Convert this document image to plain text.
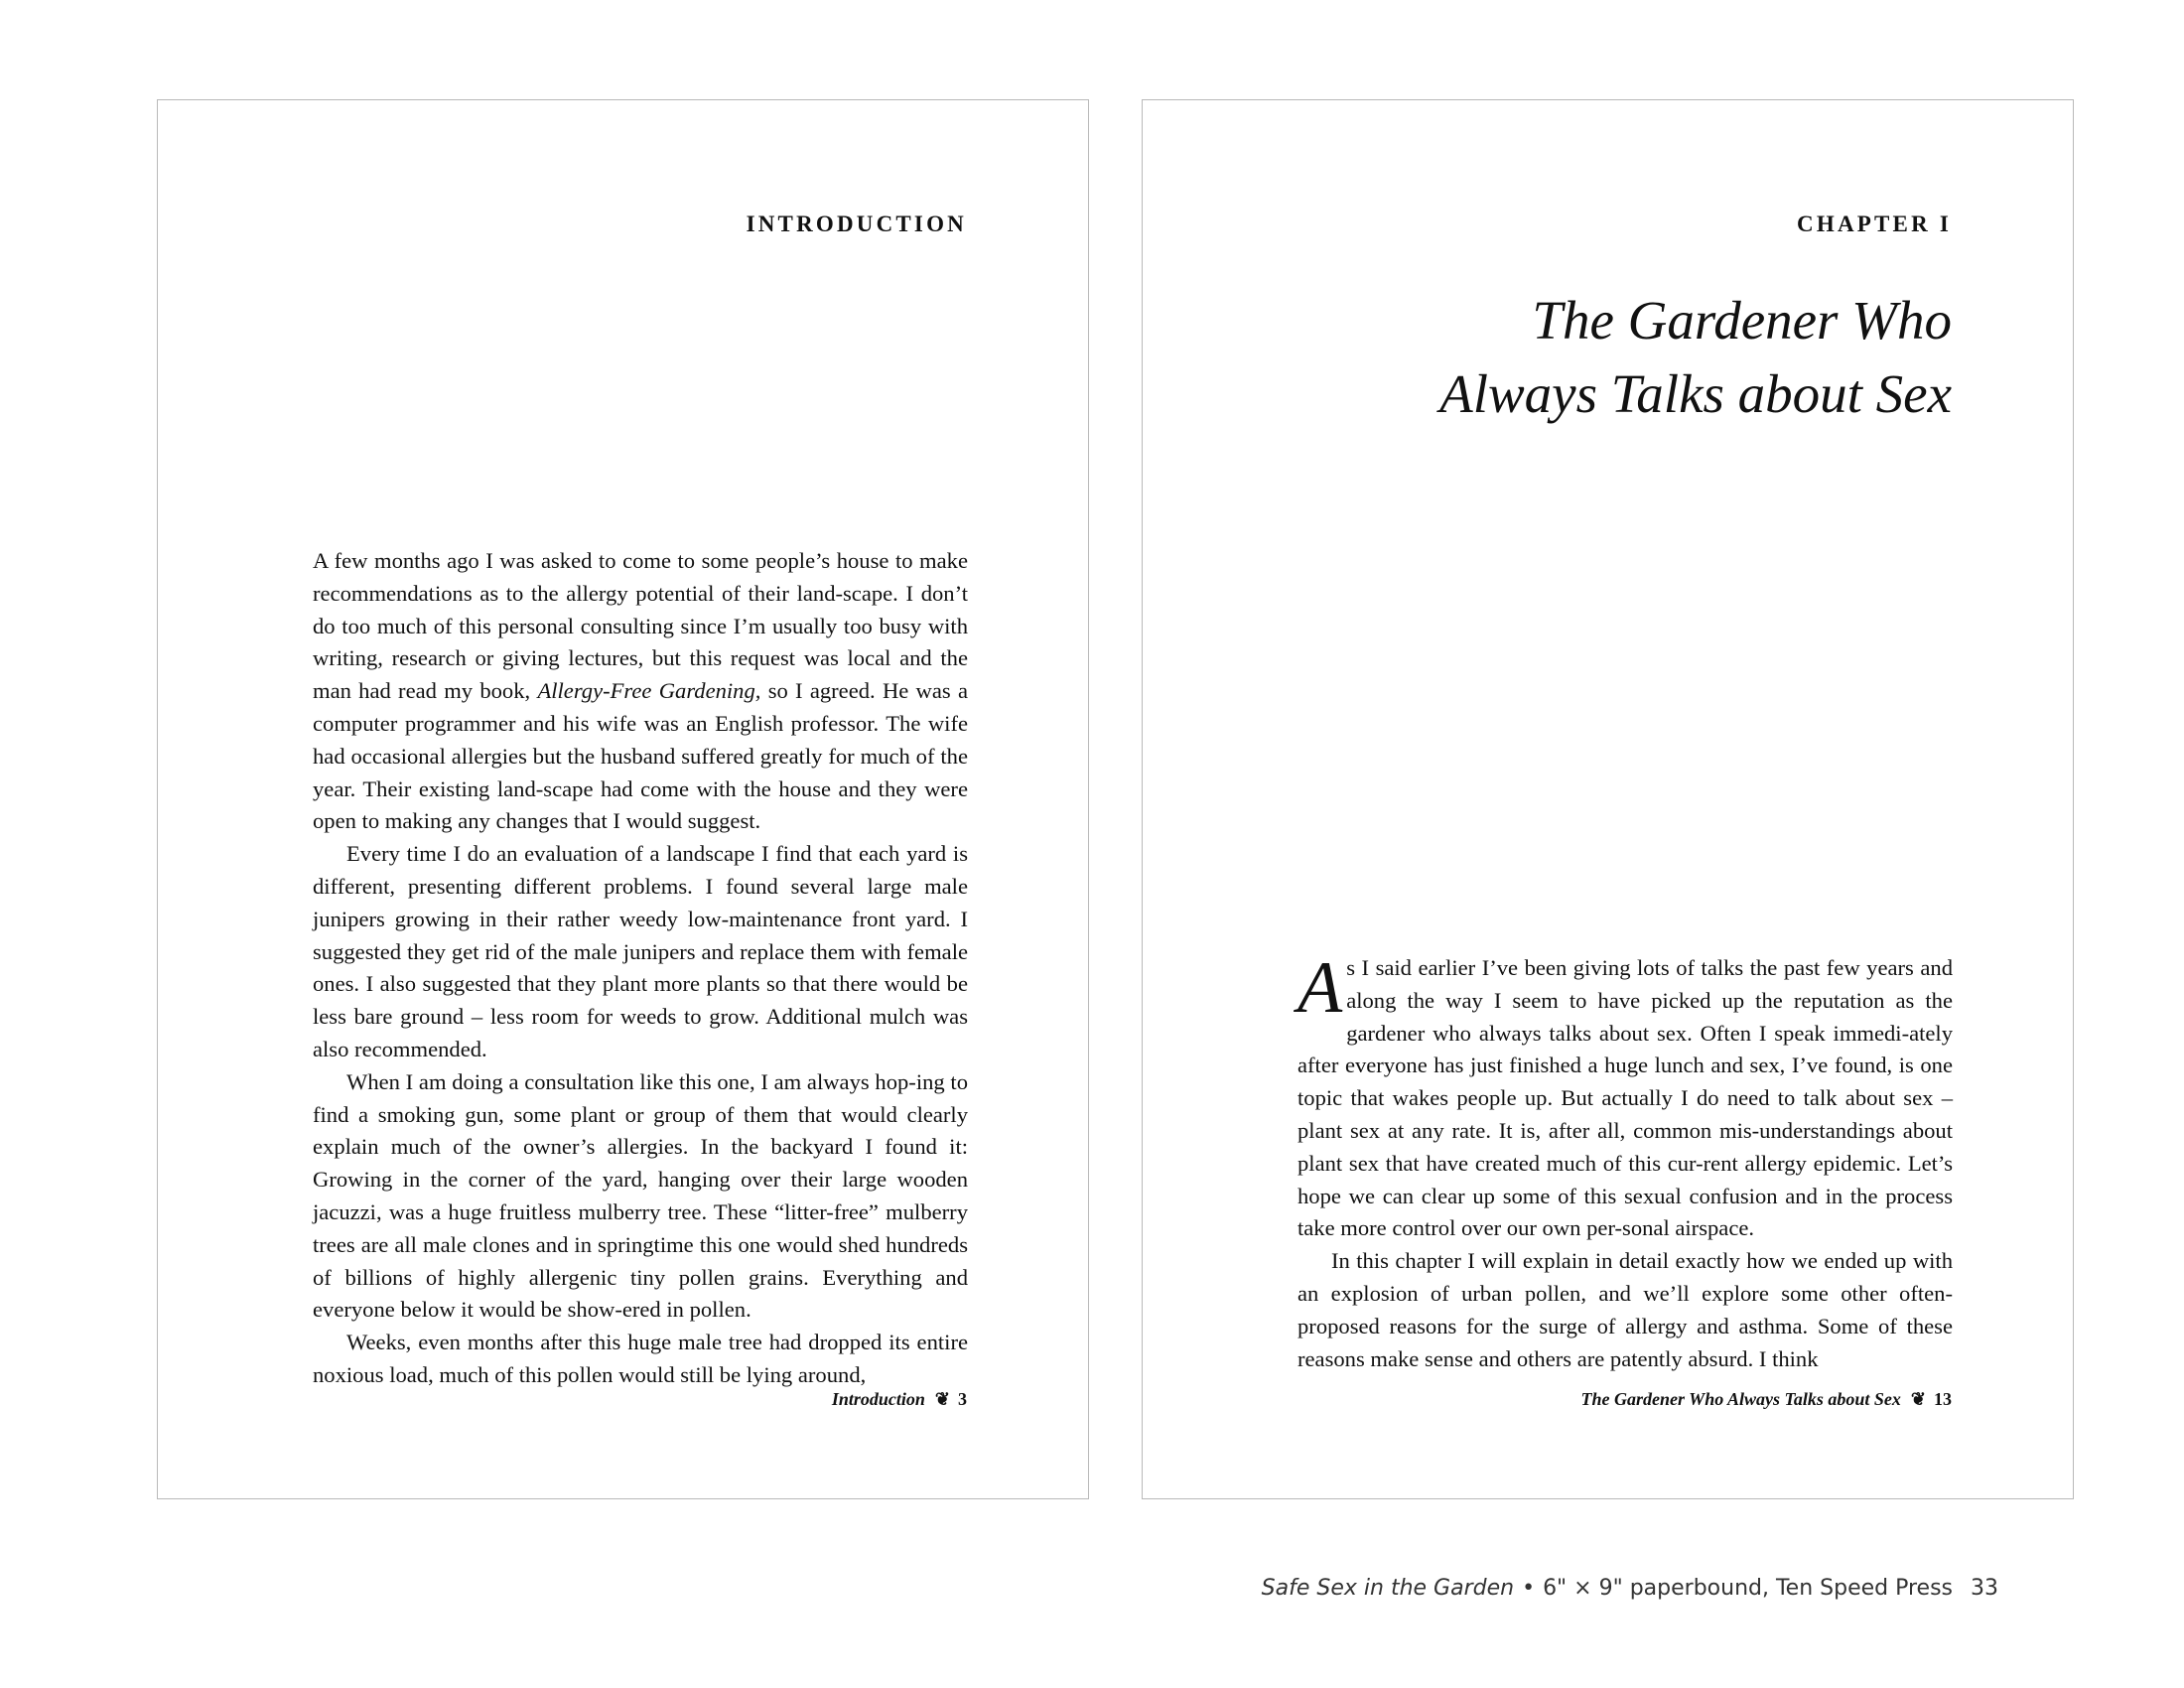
INTRODUCTION

A few months ago I was asked to come to some people’s house to make recommendations as to the allergy potential of their land-scape. I don’t do too much of this personal consulting since I’m usually too busy with writing, research or giving lectures, but this request was local and the man had read my book, Allergy-Free Gardening, so I agreed. He was a computer programmer and his wife was an English professor. The wife had occasional allergies but the husband suffered greatly for much of the year. Their existing land-scape had come with the house and they were open to making any changes that I would suggest.

Every time I do an evaluation of a landscape I find that each yard is different, presenting different problems. I found several large male junipers growing in their rather weedy low-maintenance front yard. I suggested they get rid of the male junipers and replace them with female ones. I also suggested that they plant more plants so that there would be less bare ground – less room for weeds to grow. Additional mulch was also recommended.

When I am doing a consultation like this one, I am always hop-ing to find a smoking gun, some plant or group of them that would clearly explain much of the owner’s allergies. In the backyard I found it: Growing in the corner of the yard, hanging over their large wooden jacuzzi, was a huge fruitless mulberry tree. These “litter-free” mulberry trees are all male clones and in springtime this one would shed hundreds of billions of highly allergenic tiny pollen grains. Everything and everyone below it would be show-ered in pollen.

Weeks, even months after this huge male tree had dropped its entire noxious load, much of this pollen would still be lying around,

Introduction ❦ 3
CHAPTER I
The Gardener Who
Always Talks about Sex

As I said earlier I’ve been giving lots of talks the past few years and along the way I seem to have picked up the reputation as the gardener who always talks about sex. Often I speak immedi-ately after everyone has just finished a huge lunch and sex, I’ve found, is one topic that wakes people up. But actually I do need to talk about sex – plant sex at any rate. It is, after all, common mis-understandings about plant sex that have created much of this cur-rent allergy epidemic. Let’s hope we can clear up some of this sexual confusion and in the process take more control over our own per-sonal airspace.

In this chapter I will explain in detail exactly how we ended up with an explosion of urban pollen, and we’ll explore some other often-proposed reasons for the surge of allergy and asthma. Some of these reasons make sense and others are patently absurd. I think

The Gardener Who Always Talks about Sex ❦ 13
Safe Sex in the Garden • 6" × 9" paperbound, Ten Speed Press 33
